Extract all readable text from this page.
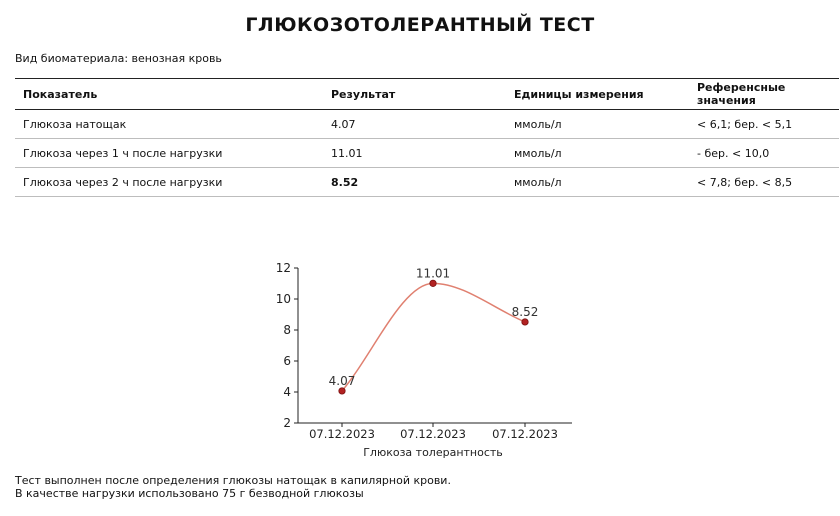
ГЛЮКОЗОТОЛЕРАНТНЫЙ ТЕСТ
Вид биоматериала: венозная кровь
Показатель	Результат	Единицы измерения	Референсные значения
Глюкоза натощак	4.07	ммоль/л	< 6,1; бер. < 5,1
Глюкоза через 1 ч после нагрузки	11.01	ммоль/л	- бер. < 10,0
Глюкоза через 2 ч после нагрузки	8.52	ммоль/л	< 7,8; бер. < 8,5
2
4
6
8
10
12
07.12.2023 07.12.2023 07.12.2023
Глюкоза толерантность
4.07
11.01
8.52
Тест выполнен после определения глюкозы натощак в капилярной крови.
В качестве нагрузки использовано 75 г безводной глюкозы
